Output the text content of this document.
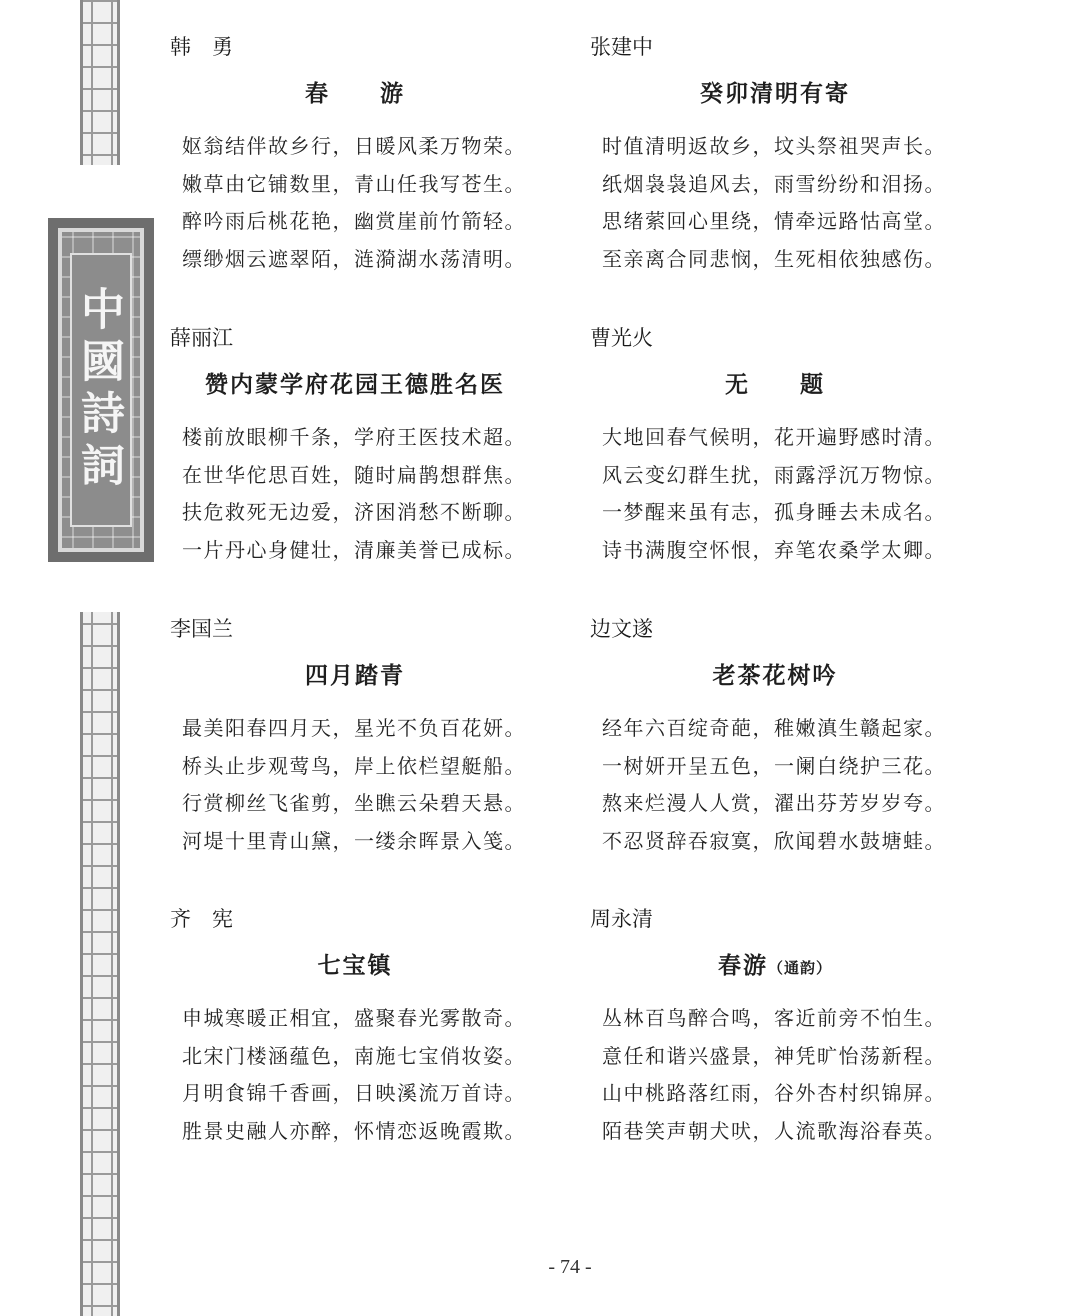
中國詩詞
韩　勇
春　　游
妪翁结伴故乡行，日暖风柔万物荣。
嫩草由它铺数里，青山任我写苍生。
醉吟雨后桃花艳，幽赏崖前竹箭轻。
缥缈烟云遮翠陌，涟漪湖水荡清明。
张建中
癸卯清明有寄
时值清明返故乡，坟头祭祖哭声长。
纸烟袅袅追风去，雨雪纷纷和泪扬。
思绪萦回心里绕，情牵远路怙高堂。
至亲离合同悲悯，生死相依独感伤。
薛丽江
赞内蒙学府花园王德胜名医
楼前放眼柳千条，学府王医技术超。
在世华佗思百姓，随时扁鹊想群焦。
扶危救死无边爱，济困消愁不断聊。
一片丹心身健壮，清廉美誉已成标。
曹光火
无　　题
大地回春气候明，花开遍野感时清。
风云变幻群生扰，雨露浮沉万物惊。
一梦醒来虽有志，孤身睡去未成名。
诗书满腹空怀恨，弃笔农桑学太卿。
李国兰
四月踏青
最美阳春四月天，星光不负百花妍。
桥头止步观莺鸟，岸上依栏望艇船。
行赏柳丝飞雀剪，坐瞧云朵碧天悬。
河堤十里青山黛，一缕余晖景入笺。
边文遂
老茶花树吟
经年六百绽奇葩，稚嫩滇生赣起家。
一树妍开呈五色，一阑白绕护三花。
熬来烂漫人人赏，濯出芬芳岁岁夸。
不忍贤辞吞寂寞，欣闻碧水鼓塘蛙。
齐　宪
七宝镇
申城寒暖正相宜，盛聚春光雾散奇。
北宋门楼涵蕴色，南施七宝俏妆姿。
月明食锦千香画，日映溪流万首诗。
胜景史融人亦醉，怀情恋返晚霞欺。
周永清
春游（通韵）
丛林百鸟醉合鸣，客近前旁不怕生。
意任和谐兴盛景，神凭旷怡荡新程。
山中桃路落红雨，谷外杏村织锦屏。
陌巷笑声朝犬吠，人流歌海浴春英。
- 74 -
